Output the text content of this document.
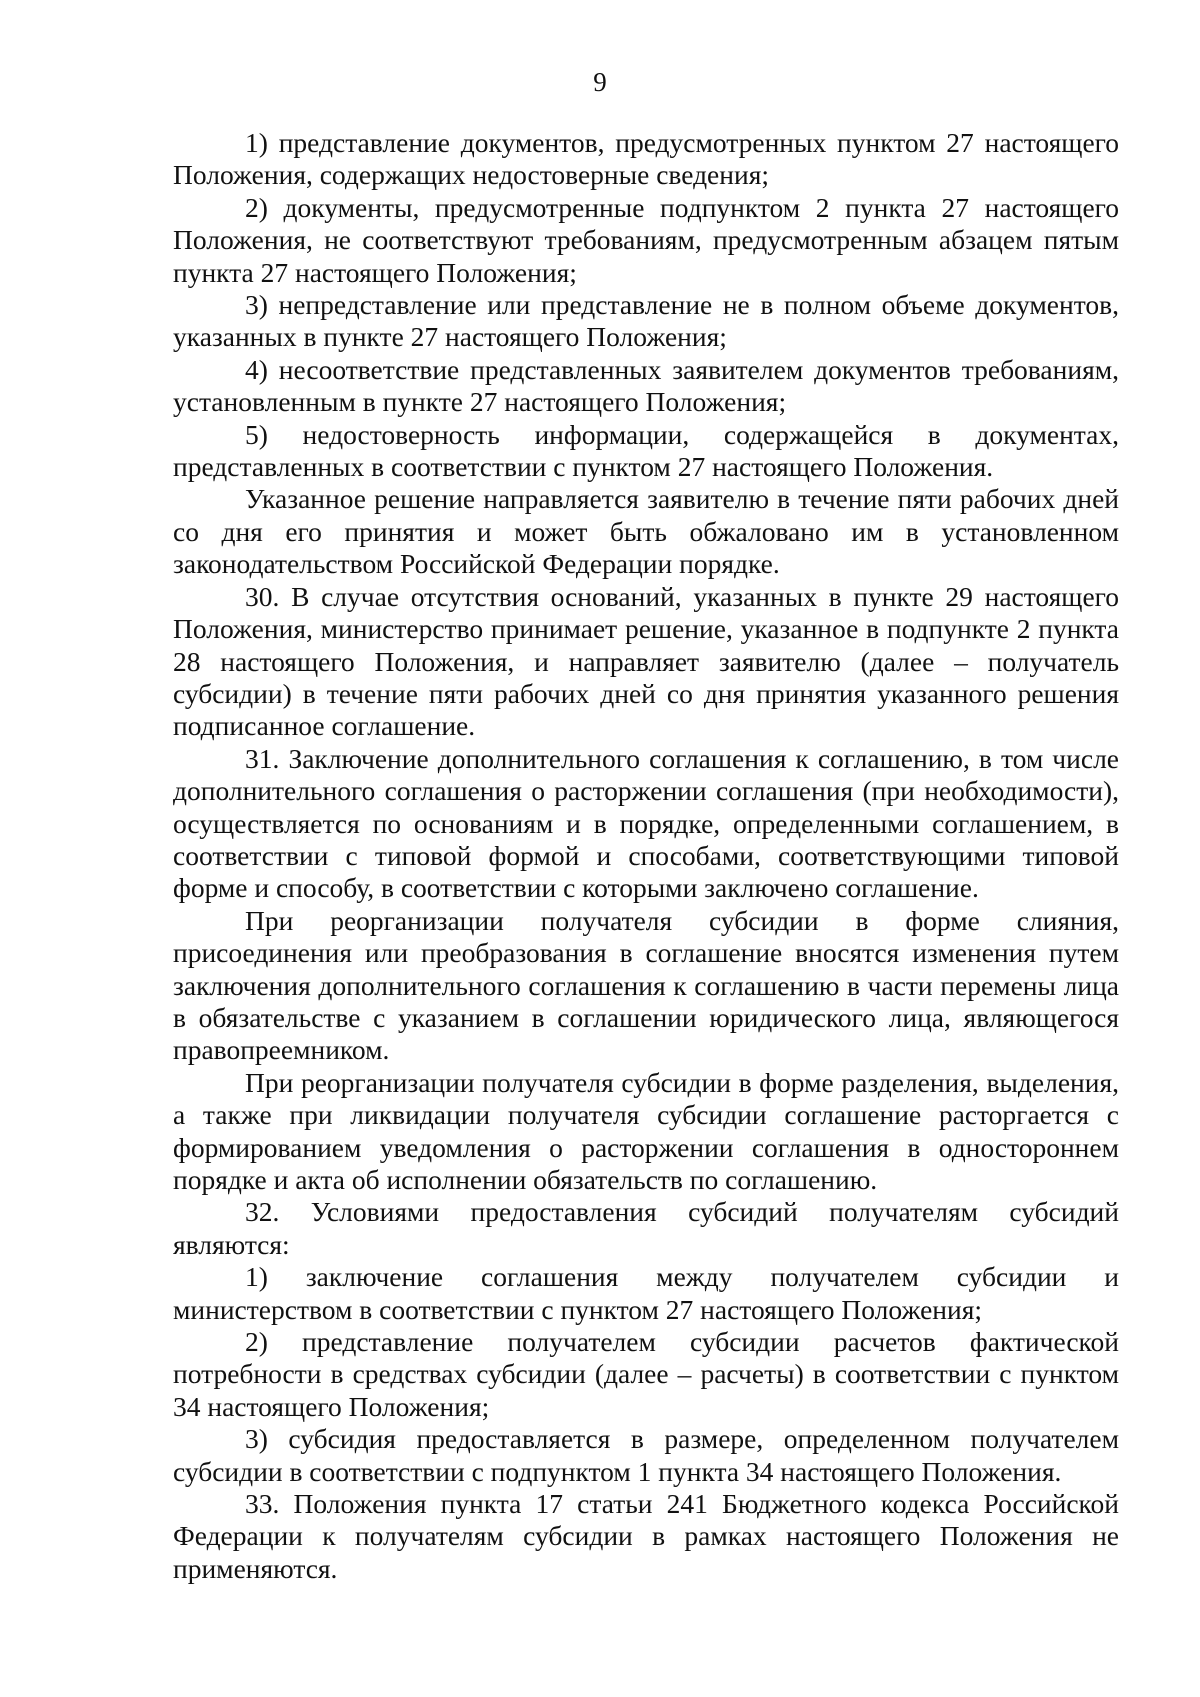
9

1) представление документов, предусмотренных пунктом 27 настоящего Положения, содержащих недостоверные сведения;

2) документы, предусмотренные подпунктом 2 пункта 27 настоящего Положения, не соответствуют требованиям, предусмотренным абзацем пятым пункта 27 настоящего Положения;

3) непредставление или представление не в полном объеме документов, указанных в пункте 27 настоящего Положения;

4) несоответствие представленных заявителем документов требованиям, установленным в пункте 27 настоящего Положения;

5) недостоверность информации, содержащейся в документах, представленных в соответствии с пунктом 27 настоящего Положения.

Указанное решение направляется заявителю в течение пяти рабочих дней со дня его принятия и может быть обжаловано им в установленном законодательством Российской Федерации порядке.

30. В случае отсутствия оснований, указанных в пункте 29 настоящего Положения, министерство принимает решение, указанное в подпункте 2 пункта 28 настоящего Положения, и направляет заявителю (далее – получатель субсидии) в течение пяти рабочих дней со дня принятия указанного решения подписанное соглашение.

31. Заключение дополнительного соглашения к соглашению, в том числе дополнительного соглашения о расторжении соглашения (при необходимости), осуществляется по основаниям и в порядке, определенными соглашением, в соответствии с типовой формой и способами, соответствующими типовой форме и способу, в соответствии с которыми заключено соглашение.

При реорганизации получателя субсидии в форме слияния, присоединения или преобразования в соглашение вносятся изменения путем заключения дополнительного соглашения к соглашению в части перемены лица в обязательстве с указанием в соглашении юридического лица, являющегося правопреемником.

При реорганизации получателя субсидии в форме разделения, выделения, а также при ликвидации получателя субсидии соглашение расторгается с формированием уведомления о расторжении соглашения в одностороннем порядке и акта об исполнении обязательств по соглашению.

32. Условиями предоставления субсидий получателям субсидий являются:

1) заключение соглашения между получателем субсидии и министерством в соответствии с пунктом 27 настоящего Положения;

2) представление получателем субсидии расчетов фактической потребности в средствах субсидии (далее – расчеты) в соответствии с пунктом 34 настоящего Положения;

3) субсидия предоставляется в размере, определенном получателем субсидии в соответствии с подпунктом 1 пункта 34 настоящего Положения.

33. Положения пункта 17 статьи 241 Бюджетного кодекса Российской Федерации к получателям субсидии в рамках настоящего Положения не применяются.
